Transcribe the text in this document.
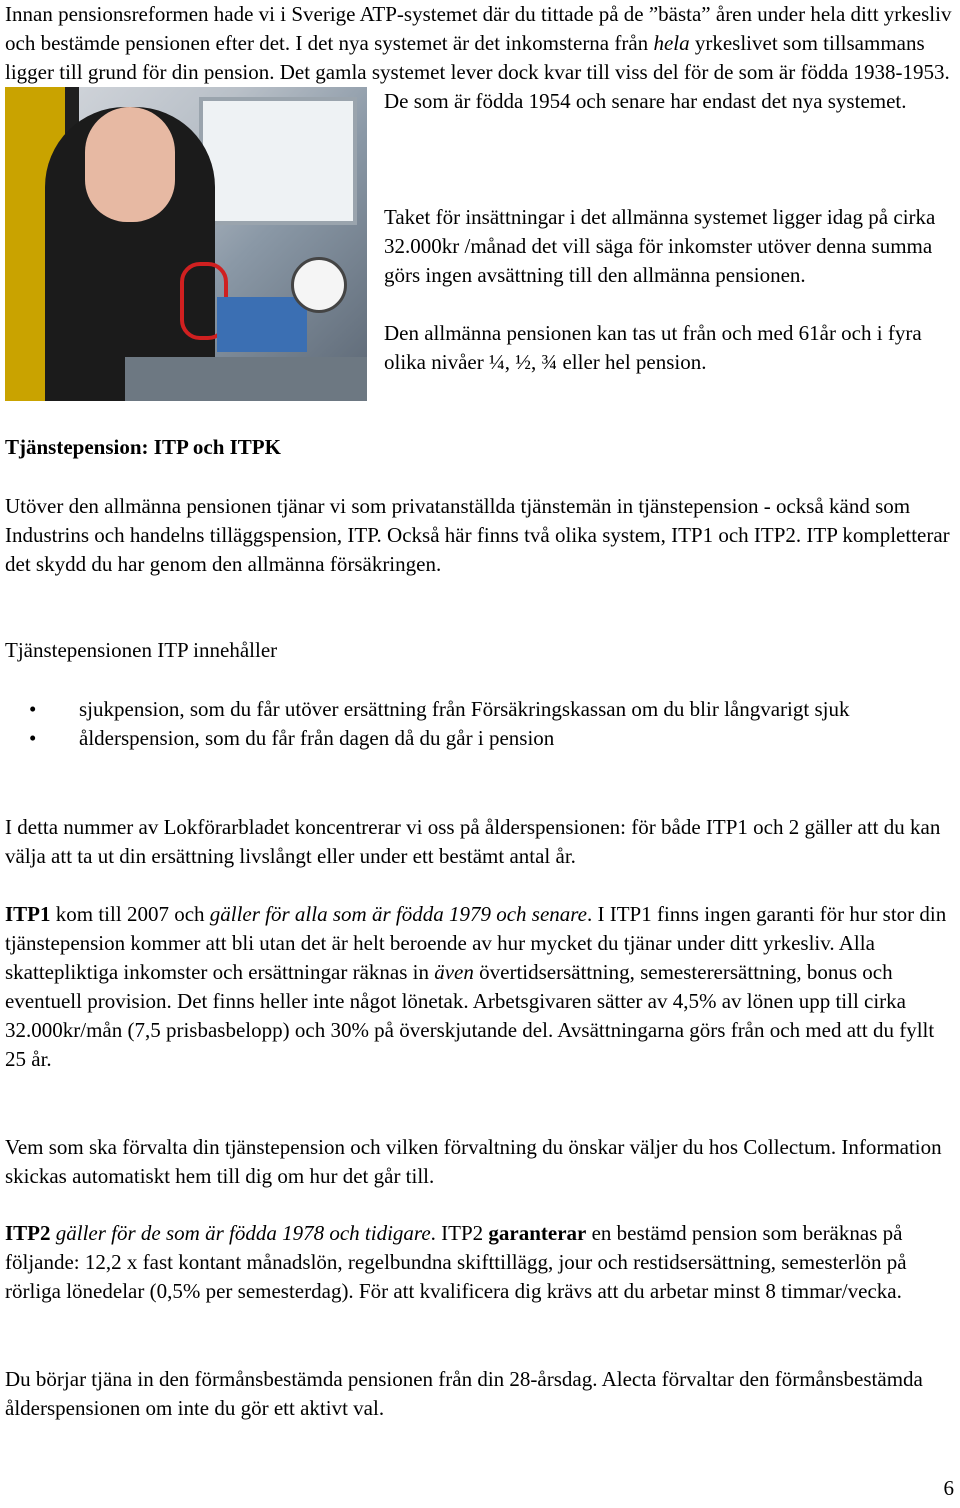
Innan pensionsreformen hade vi i Sverige ATP-systemet där du tittade på de ”bästa” åren under hela ditt yrkesliv och bestämde pensionen efter det. I det nya systemet är det inkomsterna från hela yrkeslivet som tillsammans ligger till grund för din pension. Det gamla systemet lever dock kvar till viss del för de som är födda 1938-1953. De som är födda 1954 och senare har endast det nya systemet.

Taket för insättningar i det allmänna systemet ligger idag på cirka 32.000kr /månad det vill säga för inkomster utöver denna summa görs ingen avsättning till den allmänna pensionen.

Den allmänna pensionen kan tas ut från och med 61år och i fyra olika nivåer ¼, ½, ¾ eller hel pension.

Tjänstepension: ITP och ITPK

Utöver den allmänna pensionen tjänar vi som privatanställda tjänstemän in tjänstepension - också känd som Industrins och handelns tilläggspension, ITP. Också här finns två olika system, ITP1 och ITP2. ITP kompletterar det skydd du har genom den allmänna försäkringen.

Tjänstepensionen ITP innehåller

• sjukpension, som du får utöver ersättning från Försäkringskassan om du blir långvarigt sjuk
• ålderspension, som du får från dagen då du går i pension

I detta nummer av Lokförarbladet koncentrerar vi oss på ålderspensionen: för både ITP1 och 2 gäller att du kan välja att ta ut din ersättning livslångt eller under ett bestämt antal år.

ITP1 kom till 2007 och gäller för alla som är födda 1979 och senare. I ITP1 finns ingen garanti för hur stor din tjänstepension kommer att bli utan det är helt beroende av hur mycket du tjänar under ditt yrkesliv. Alla skattepliktiga inkomster och ersättningar räknas in även övertidsersättning, semesterersättning, bonus och eventuell provision. Det finns heller inte något lönetak. Arbetsgivaren sätter av 4,5% av lönen upp till cirka 32.000kr/mån (7,5 prisbasbelopp) och 30% på överskjutande del. Avsättningarna görs från och med att du fyllt 25 år.

Vem som ska förvalta din tjänstepension och vilken förvaltning du önskar väljer du hos Collectum. Information skickas automatiskt hem till dig om hur det går till.

ITP2 gäller för de som är födda 1978 och tidigare. ITP2 garanterar en bestämd pension som beräknas på följande: 12,2 x fast kontant månadslön, regelbundna skifttillägg, jour och restidsersättning, semesterlön på rörliga lönedelar (0,5% per semesterdag). För att kvalificera dig krävs att du arbetar minst 8 timmar/vecka.

Du börjar tjäna in den förmånsbestämda pensionen från din 28-årsdag. Alecta förvaltar den förmånsbestämda ålderspensionen om inte du gör ett aktivt val.

6
